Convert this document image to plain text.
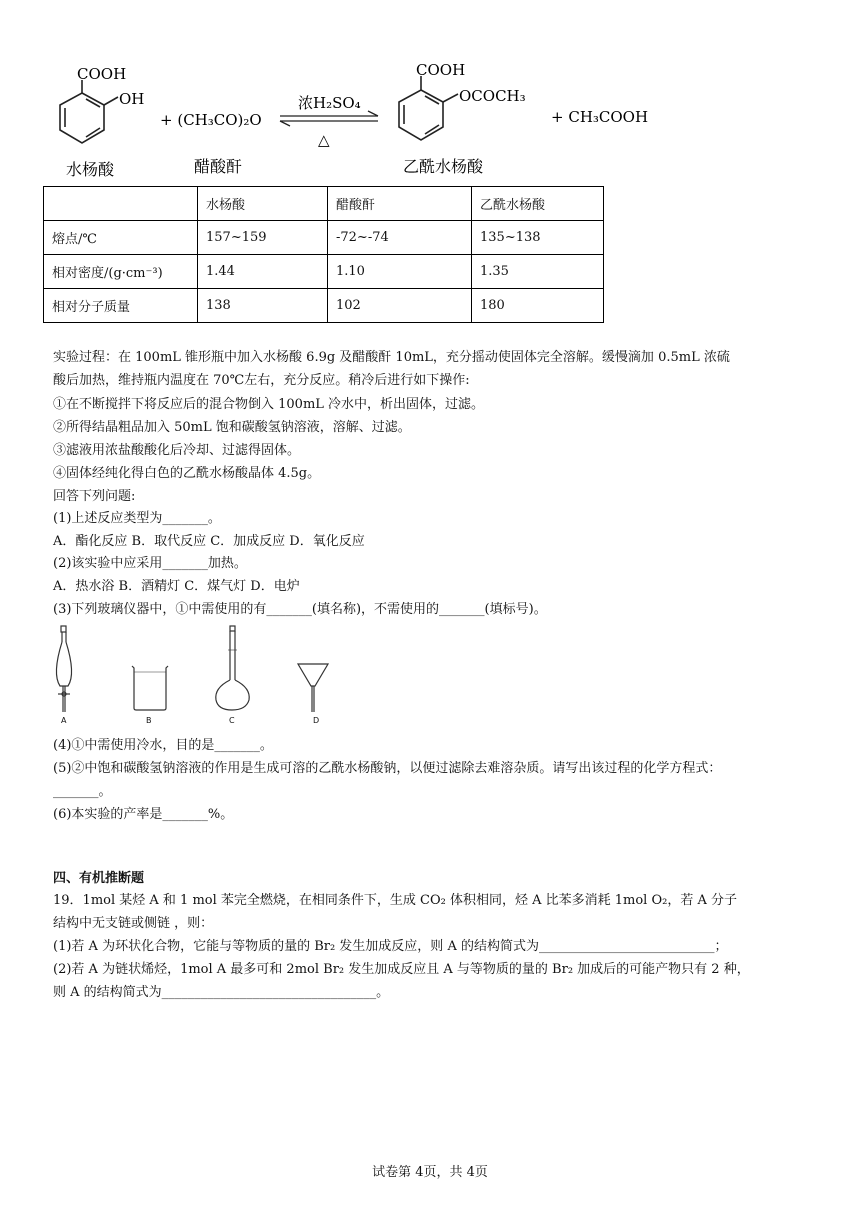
COOH
OH
+ (CH₃CO)₂O
浓H₂SO₄
△
COOH
OCOCH₃
+ CH₃COOH
水杨酸	醋酸酐	乙酰水杨酸
	水杨酸	醋酸酐	乙酰水杨酸
熔点/℃	157~159	-72~-74	135~138
相对密度/(g·cm⁻³)	1.44	1.10	1.35
相对分子质量	138	102	180
实验过程：在 100mL 锥形瓶中加入水杨酸 6.9g 及醋酸酐 10mL，充分摇动使固体完全溶解。缓慢滴加 0.5mL 浓硫
酸后加热，维持瓶内温度在 70℃左右，充分反应。稍冷后进行如下操作:
①在不断搅拌下将反应后的混合物倒入 100mL 冷水中，析出固体，过滤。
②所得结晶粗品加入 50mL 饱和碳酸氢钠溶液，溶解、过滤。
③滤液用浓盐酸酸化后冷却、过滤得固体。
④固体经纯化得白色的乙酰水杨酸晶体 4.5g。
回答下列问题:
(1)上述反应类型为_______。
A．酯化反应 B．取代反应 C．加成反应 D．氧化反应
(2)该实验中应采用_______加热。
A．热水浴 B．酒精灯 C．煤气灯 D．电炉
(3)下列玻璃仪器中，①中需使用的有_______(填名称)，不需使用的_______(填标号)。
A	B	C	D
(4)①中需使用冷水，目的是_______。
(5)②中饱和碳酸氢钠溶液的作用是生成可溶的乙酰水杨酸钠，以便过滤除去难溶杂质。请写出该过程的化学方程式：
_______。
(6)本实验的产率是_______%。
四、有机推断题
19．1mol 某烃 A 和 1 mol 苯完全燃烧，在相同条件下，生成 CO₂ 体积相同，烃 A 比苯多消耗 1mol O₂，若 A 分子
结构中无支链或侧链 ，则：
(1)若 A 为环状化合物，它能与等物质的量的 Br₂ 发生加成反应，则 A 的结构简式为___________________________；
(2)若 A 为链状烯烃，1mol A 最多可和 2mol Br₂ 发生加成反应且 A 与等物质的量的 Br₂ 加成后的可能产物只有 2 种，
则 A 的结构简式为_________________________________。
试卷第 4页，共 4页
